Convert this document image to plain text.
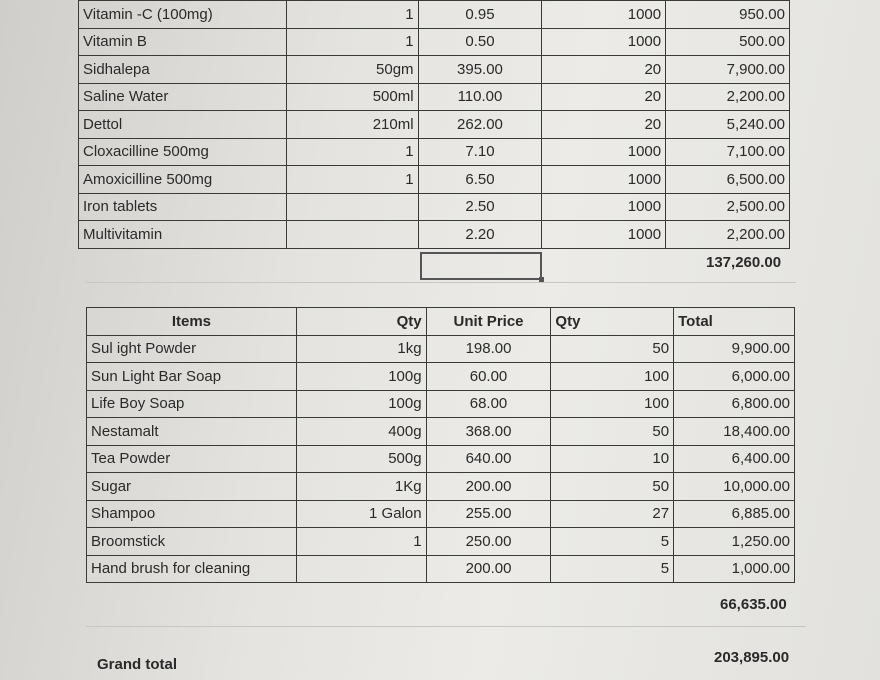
Vitamin -C (100mg)	1	0.95	1000	950.00
Vitamin B	1	0.50	1000	500.00
Sidhalepa	50gm	395.00	20	7,900.00
Saline Water	500ml	110.00	20	2,200.00
Dettol	210ml	262.00	20	5,240.00
Cloxacilline 500mg	1	7.10	1000	7,100.00
Amoxicilline 500mg	1	6.50	1000	6,500.00
Iron tablets		2.50	1000	2,500.00
Multivitamin		2.20	1000	2,200.00
137,260.00
Items	Qty	Unit Price	Qty	Total
Sul ight Powder	1kg	198.00	50	9,900.00
Sun Light Bar Soap	100g	60.00	100	6,000.00
Life Boy Soap	100g	68.00	100	6,800.00
Nestamalt	400g	368.00	50	18,400.00
Tea Powder	500g	640.00	10	6,400.00
Sugar	1Kg	200.00	50	10,000.00
Shampoo	1 Galon	255.00	27	6,885.00
Broomstick	1	250.00	5	1,250.00
Hand brush for cleaning		200.00	5	1,000.00
66,635.00
Grand total	203,895.00
